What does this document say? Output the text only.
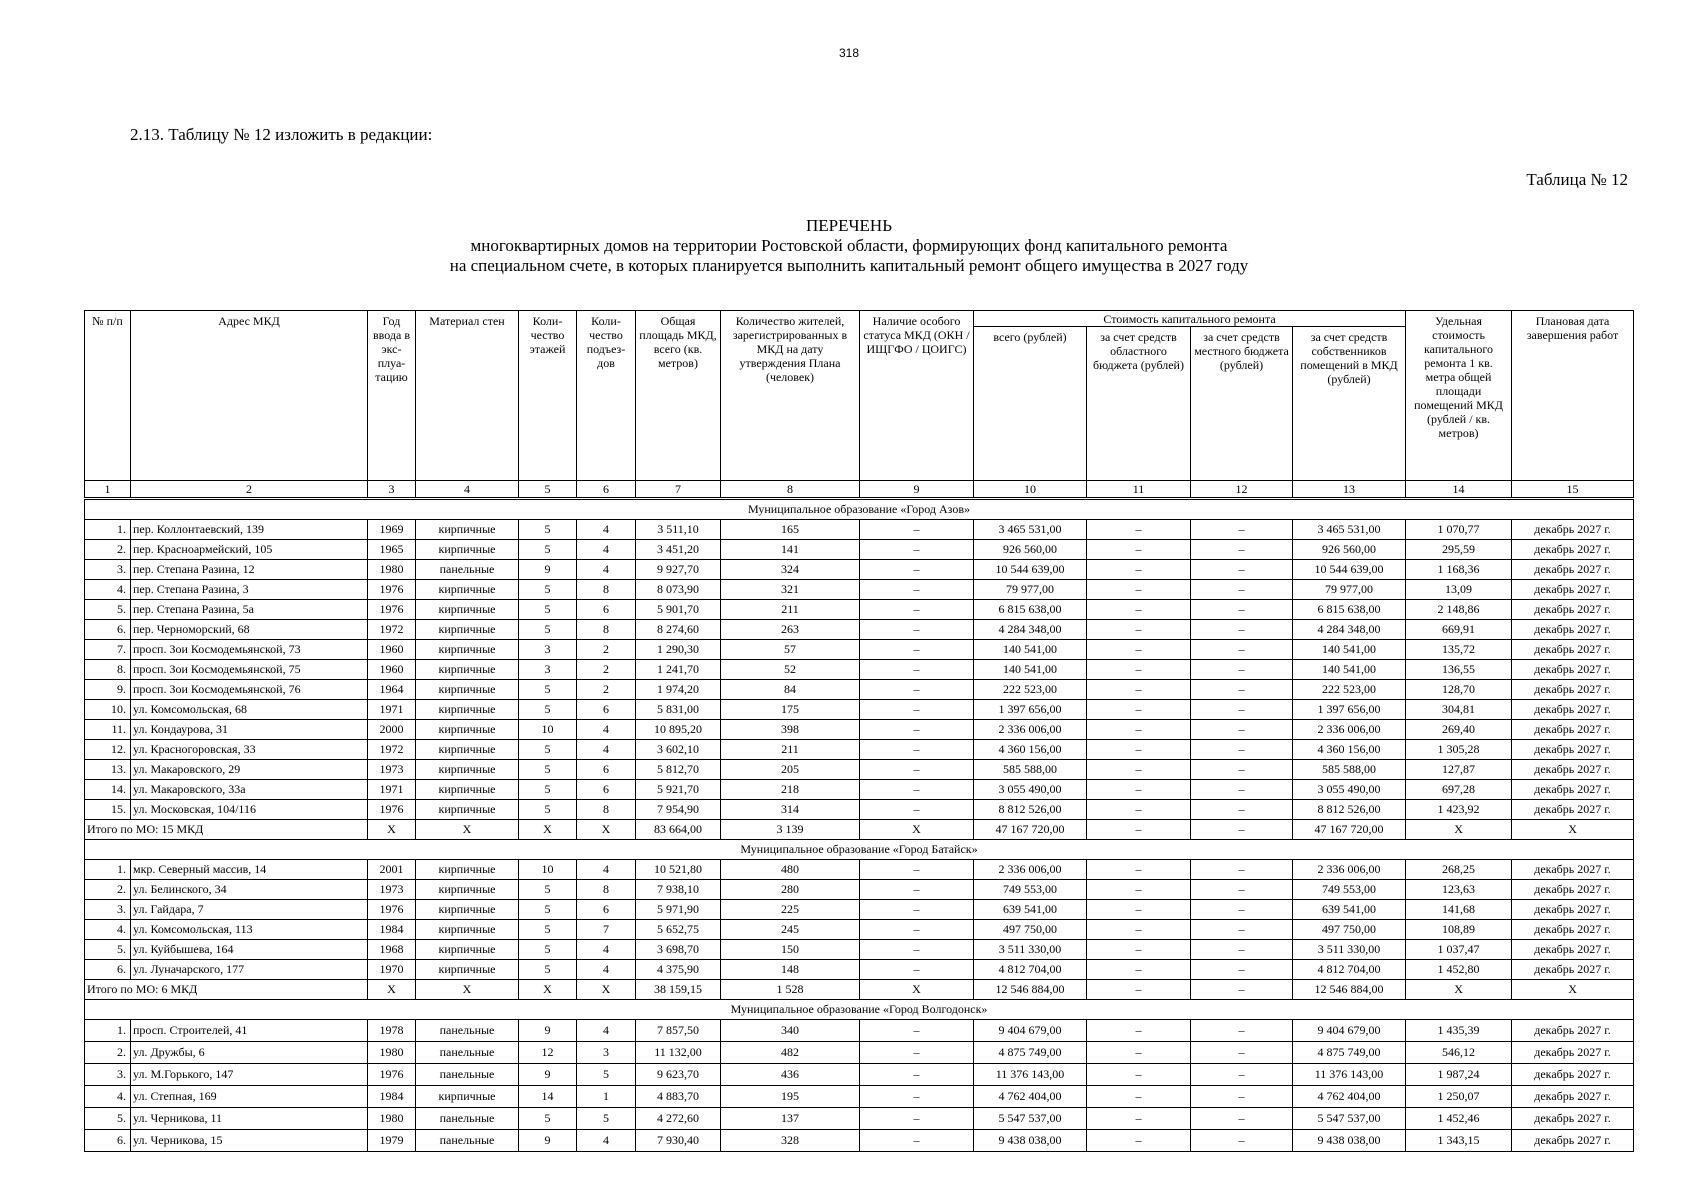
318
2.13. Таблицу № 12 изложить в редакции:
Таблица № 12
ПЕРЕЧЕНЬ
многоквартирных домов на территории Ростовской области, формирующих фонд капитального ремонта
на специальном счете, в которых планируется выполнить капитальный ремонт общего имущества в 2027 году
№ п/п	Адрес МКД	Год ввода в экс-плуа-тацию	Материал стен	Коли-чество этажей	Коли-чество подъез-дов	Общая площадь МКД, всего (кв. метров)	Количество жителей, зарегистрированных в МКД на дату утверждения Плана (человек)	Наличие особого статуса МКД (ОКН / ИЩГФО / ЦОИГС)	Стоимость капитального ремонта				Удельная стоимость капитального ремонта 1 кв. метра общей площади помещений МКД (рублей / кв. метров)	Плановая дата завершения работ
									всего (рублей)	за счет средств областного бюджета (рублей)	за счет средств местного бюджета (рублей)	за счет средств собственников помещений в МКД (рублей)		
1	2	3	4	5	6	7	8	9	10	11	12	13	14	15
Муниципальное образование «Город Азов»														
1.	пер. Коллонтаевский, 139	1969	кирпичные	5	4	3 511,10	165	–	3 465 531,00	–	–	3 465 531,00	1 070,77	декабрь 2027 г.
2.	пер. Красноармейский, 105	1965	кирпичные	5	4	3 451,20	141	–	926 560,00	–	–	926 560,00	295,59	декабрь 2027 г.
3.	пер. Степана Разина, 12	1980	панельные	9	4	9 927,70	324	–	10 544 639,00	–	–	10 544 639,00	1 168,36	декабрь 2027 г.
4.	пер. Степана Разина, 3	1976	кирпичные	5	8	8 073,90	321	–	79 977,00	–	–	79 977,00	13,09	декабрь 2027 г.
5.	пер. Степана Разина, 5а	1976	кирпичные	5	6	5 901,70	211	–	6 815 638,00	–	–	6 815 638,00	2 148,86	декабрь 2027 г.
6.	пер. Черноморский, 68	1972	кирпичные	5	8	8 274,60	263	–	4 284 348,00	–	–	4 284 348,00	669,91	декабрь 2027 г.
7.	просп. Зои Космодемьянской, 73	1960	кирпичные	3	2	1 290,30	57	–	140 541,00	–	–	140 541,00	135,72	декабрь 2027 г.
8.	просп. Зои Космодемьянской, 75	1960	кирпичные	3	2	1 241,70	52	–	140 541,00	–	–	140 541,00	136,55	декабрь 2027 г.
9.	просп. Зои Космодемьянской, 76	1964	кирпичные	5	2	1 974,20	84	–	222 523,00	–	–	222 523,00	128,70	декабрь 2027 г.
10.	ул. Комсомольская, 68	1971	кирпичные	5	6	5 831,00	175	–	1 397 656,00	–	–	1 397 656,00	304,81	декабрь 2027 г.
11.	ул. Кондаурова, 31	2000	кирпичные	10	4	10 895,20	398	–	2 336 006,00	–	–	2 336 006,00	269,40	декабрь 2027 г.
12.	ул. Красногоровская, 33	1972	кирпичные	5	4	3 602,10	211	–	4 360 156,00	–	–	4 360 156,00	1 305,28	декабрь 2027 г.
13.	ул. Макаровского, 29	1973	кирпичные	5	6	5 812,70	205	–	585 588,00	–	–	585 588,00	127,87	декабрь 2027 г.
14.	ул. Макаровского, 33а	1971	кирпичные	5	6	5 921,70	218	–	3 055 490,00	–	–	3 055 490,00	697,28	декабрь 2027 г.
15.	ул. Московская, 104/116	1976	кирпичные	5	8	7 954,90	314	–	8 812 526,00	–	–	8 812 526,00	1 423,92	декабрь 2027 г.
Итого по МО: 15 МКД		X	X	X	X	83 664,00	3 139	X	47 167 720,00	–	–	47 167 720,00	X	X
Муниципальное образование «Город Батайск»														
1.	мкр. Северный массив, 14	2001	кирпичные	10	4	10 521,80	480	–	2 336 006,00	–	–	2 336 006,00	268,25	декабрь 2027 г.
2.	ул. Белинского, 34	1973	кирпичные	5	8	7 938,10	280	–	749 553,00	–	–	749 553,00	123,63	декабрь 2027 г.
3.	ул. Гайдара, 7	1976	кирпичные	5	6	5 971,90	225	–	639 541,00	–	–	639 541,00	141,68	декабрь 2027 г.
4.	ул. Комсомольская, 113	1984	кирпичные	5	7	5 652,75	245	–	497 750,00	–	–	497 750,00	108,89	декабрь 2027 г.
5.	ул. Куйбышева, 164	1968	кирпичные	5	4	3 698,70	150	–	3 511 330,00	–	–	3 511 330,00	1 037,47	декабрь 2027 г.
6.	ул. Луначарского, 177	1970	кирпичные	5	4	4 375,90	148	–	4 812 704,00	–	–	4 812 704,00	1 452,80	декабрь 2027 г.
Итого по МО: 6 МКД		X	X	X	X	38 159,15	1 528	X	12 546 884,00	–	–	12 546 884,00	X	X
Муниципальное образование «Город Волгодонск»														
1.	просп. Строителей, 41	1978	панельные	9	4	7 857,50	340	–	9 404 679,00	–	–	9 404 679,00	1 435,39	декабрь 2027 г.
2.	ул. Дружбы, 6	1980	панельные	12	3	11 132,00	482	–	4 875 749,00	–	–	4 875 749,00	546,12	декабрь 2027 г.
3.	ул. М.Горького, 147	1976	панельные	9	5	9 623,70	436	–	11 376 143,00	–	–	11 376 143,00	1 987,24	декабрь 2027 г.
4.	ул. Степная, 169	1984	кирпичные	14	1	4 883,70	195	–	4 762 404,00	–	–	4 762 404,00	1 250,07	декабрь 2027 г.
5.	ул. Черникова, 11	1980	панельные	5	5	4 272,60	137	–	5 547 537,00	–	–	5 547 537,00	1 452,46	декабрь 2027 г.
6.	ул. Черникова, 15	1979	панельные	9	4	7 930,40	328	–	9 438 038,00	–	–	9 438 038,00	1 343,15	декабрь 2027 г.
